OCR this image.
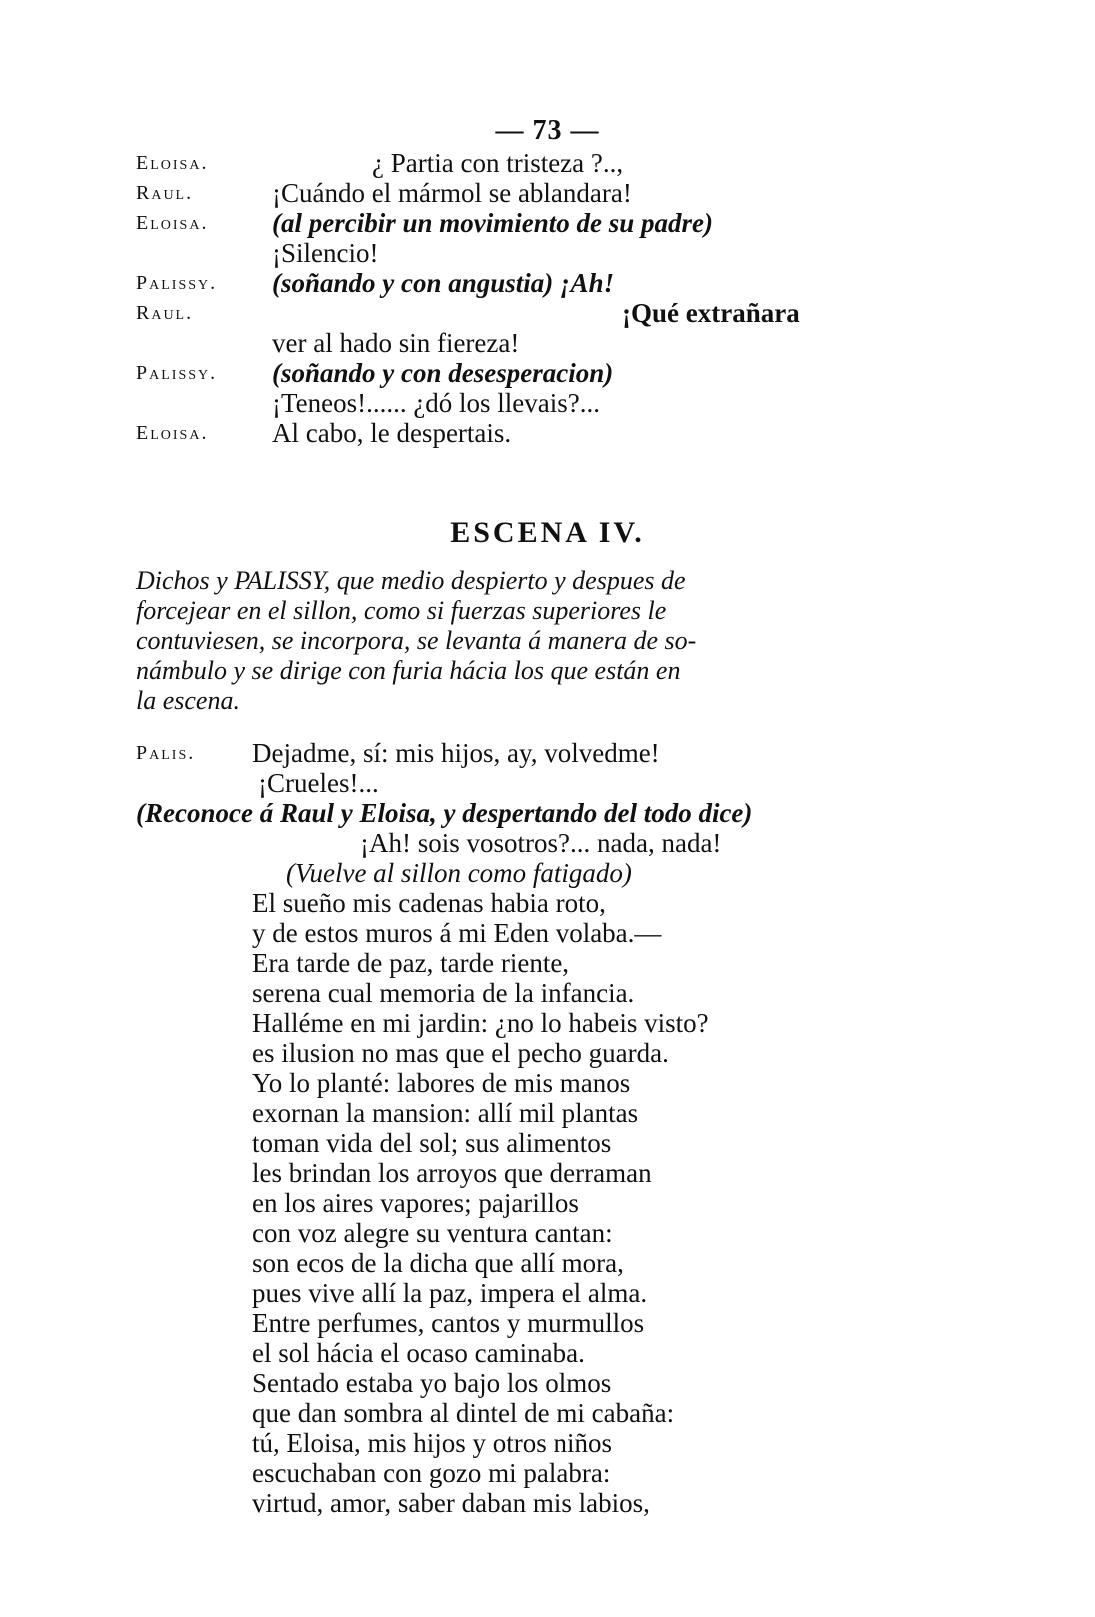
— 73 —
Eloisa.	¿ Partia con tristeza ?..,
Raul.	¡Cuándo el mármol se ablandara!
Eloisa. (al percibir un movimiento de su padre)
¡Silencio!
Palissy. (soñando y con angustia) ¡Ah!
Raul.	¡Qué extrañara
ver al hado sin fiereza!
Palissy. (soñando y con desesperacion)
¡Teneos!...... ¿dó los llevais?...
Eloisa. Al cabo, le despertais.
ESCENA IV.
Dichos y PALISSY, que medio despierto y despues de
forcejear en el sillon, como si fuerzas superiores le
contuviesen, se incorpora, se levanta á manera de so-
námbulo y se dirige con furia hácia los que están en
la escena.
Palis. Dejadme, sí: mis hijos, ay, volvedme!
¡Crueles!...
(Reconoce á Raul y Eloisa, y despertando del todo dice)
¡Ah! sois vosotros?... nada, nada!
(Vuelve al sillon como fatigado)
El sueño mis cadenas habia roto,
y de estos muros á mi Eden volaba.—
Era tarde de paz, tarde riente,
serena cual memoria de la infancia.
Halléme en mi jardin: ¿no lo habeis visto?
es ilusion no mas que el pecho guarda.
Yo lo planté: labores de mis manos
exornan la mansion: allí mil plantas
toman vida del sol; sus alimentos
les brindan los arroyos que derraman
en los aires vapores; pajarillos
con voz alegre su ventura cantan:
son ecos de la dicha que allí mora,
pues vive allí la paz, impera el alma.
Entre perfumes, cantos y murmullos
el sol hácia el ocaso caminaba.
Sentado estaba yo bajo los olmos
que dan sombra al dintel de mi cabaña:
tú, Eloisa, mis hijos y otros niños
escuchaban con gozo mi palabra:
virtud, amor, saber daban mis labios,
